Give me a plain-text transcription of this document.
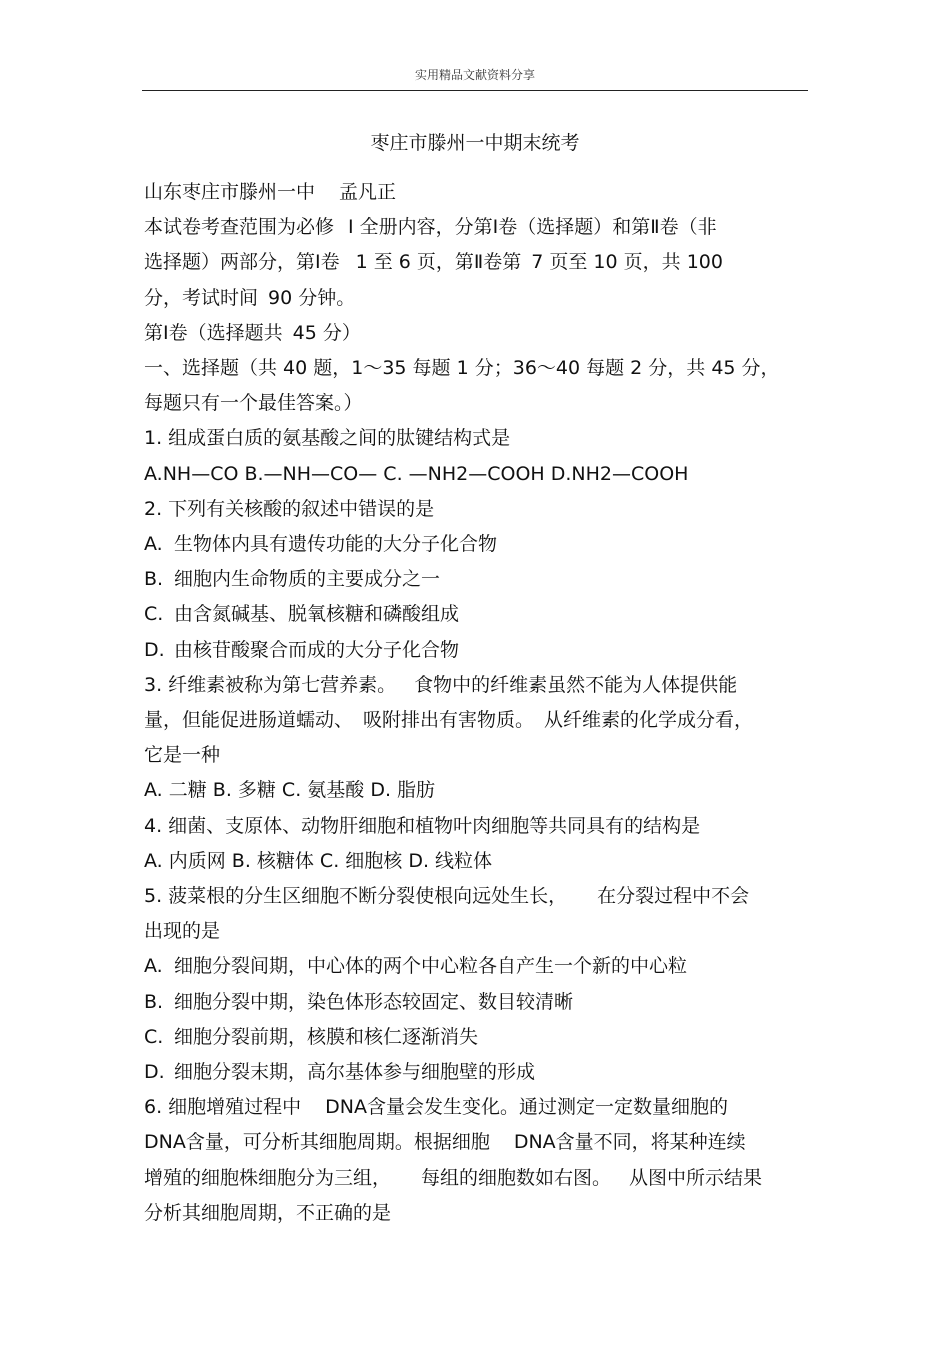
实用精品文献资料分享
枣庄市滕州一中期末统考
山东枣庄市滕州一中 孟凡正
本试卷考查范围为必修 Ⅰ 全册内容，分第Ⅰ卷（选择题）和第Ⅱ卷（非
选择题）两部分，第Ⅰ卷 1 至 6 页，第Ⅱ卷第 7 页至 10 页，共 100
分，考试时间 90 分钟。
第Ⅰ卷（选择题共 45 分）
一、选择题（共 40 题，1～35 每题 1 分；36～40 每题 2 分，共 45 分，
每题只有一个最佳答案。）
1. 组成蛋白质的氨基酸之间的肽键结构式是
A.NH—CO B.—NH—CO— C. —NH2—COOH D.NH2—COOH
2. 下列有关核酸的叙述中错误的是
A. 生物体内具有遗传功能的大分子化合物
B. 细胞内生命物质的主要成分之一
C. 由含氮碱基、脱氧核糖和磷酸组成
D. 由核苷酸聚合而成的大分子化合物
3. 纤维素被称为第七营养素。 食物中的纤维素虽然不能为人体提供能
量，但能促进肠道蠕动、 吸附排出有害物质。 从纤维素的化学成分看，
它是一种
A. 二糖 B. 多糖 C. 氨基酸 D. 脂肪
4. 细菌、支原体、动物肝细胞和植物叶肉细胞等共同具有的结构是
A. 内质网 B. 核糖体 C. 细胞核 D. 线粒体
5. 菠菜根的分生区细胞不断分裂使根向远处生长， 在分裂过程中不会
出现的是
A. 细胞分裂间期，中心体的两个中心粒各自产生一个新的中心粒
B. 细胞分裂中期，染色体形态较固定、数目较清晰
C. 细胞分裂前期，核膜和核仁逐渐消失
D. 细胞分裂末期，高尔基体参与细胞壁的形成
6. 细胞增殖过程中 DNA含量会发生变化。通过测定一定数量细胞的
DNA含量，可分析其细胞周期。根据细胞 DNA含量不同，将某种连续
增殖的细胞株细胞分为三组， 每组的细胞数如右图。 从图中所示结果
分析其细胞周期，不正确的是
